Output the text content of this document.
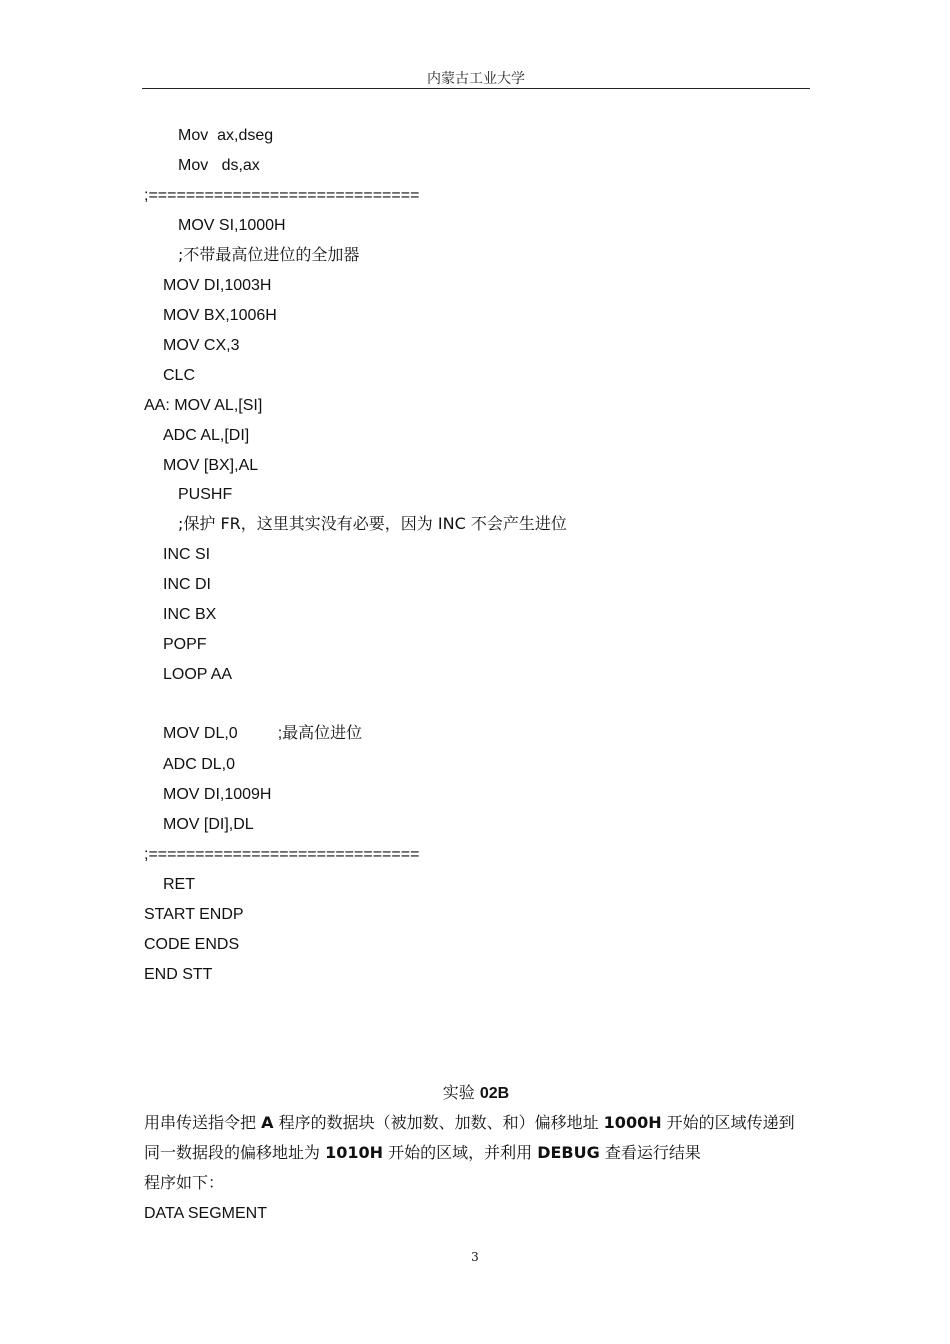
内蒙古工业大学
Mov  ax,dseg
Mov   ds,ax
;=============================
MOV SI,1000H
;不带最高位进位的全加器
MOV DI,1003H
MOV BX,1006H
MOV CX,3
CLC
AA: MOV AL,[SI]
ADC AL,[DI]
MOV [BX],AL
PUSHF
;保护 FR，这里其实没有必要，因为 INC 不会产生进位
INC SI
INC DI
INC BX
POPF
LOOP AA
MOV DL,0         ;最高位进位
ADC DL,0
MOV DI,1009H
MOV [DI],DL
;=============================
RET
START ENDP
CODE ENDS
END STT
实验 02B
用串传送指令把 A 程序的数据块（被加数、加数、和）偏移地址 1000H 开始的区域传递到
同一数据段的偏移地址为 1010H 开始的区域，并利用 DEBUG 查看运行结果
程序如下：
DATA SEGMENT
3
